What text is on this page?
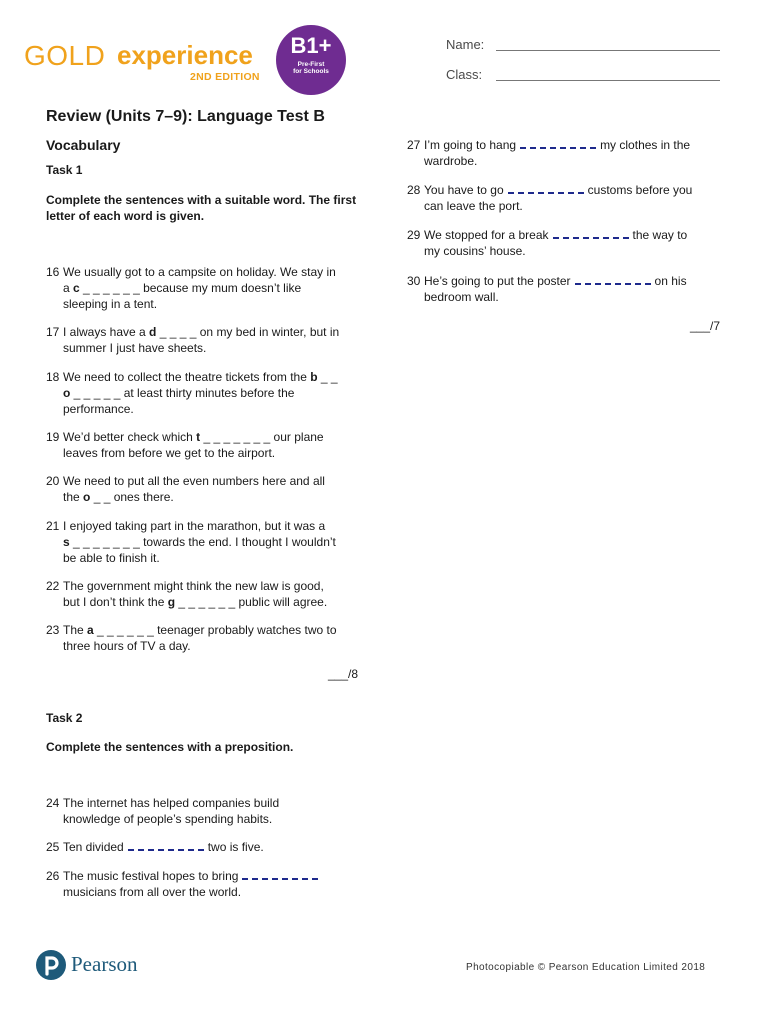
GOLD experience
2ND EDITION
B1+
Pre-First
for Schools
Name:
Class:
Review (Units 7–9): Language Test B
Vocabulary
Task 1
Complete the sentences with a suitable word. The first letter of each word is given.
16 We usually got to a campsite on holiday. We stay in
a c _ _ _ _ _ _ because my mum doesn’t like
sleeping in a tent.
17 I always have a d _ _ _ _ on my bed in winter, but in
summer I just have sheets.
18 We need to collect the theatre tickets from the b _ _
o _ _ _ _ _ at least thirty minutes before the
performance.
19 We’d better check which t _ _ _ _ _ _ _ our plane
leaves from before we get to the airport.
20 We need to put all the even numbers here and all
the o _ _ ones there.
21 I enjoyed taking part in the marathon, but it was a
s _ _ _ _ _ _ _ towards the end. I thought I wouldn’t
be able to finish it.
22 The government might think the new law is good,
but I don’t think the g _ _ _ _ _ _ public will agree.
23 The a _ _ _ _ _ _ teenager probably watches two to
three hours of TV a day.
___/8
Task 2
Complete the sentences with a preposition.
24 The internet has helped companies build
knowledge of people’s spending habits.
25 Ten divided	two is five.
26 The music festival hopes to bring
musicians from all over the world.
27 I’m going to hang	my clothes in the
wardrobe.
28 You have to go	customs before you
can leave the port.
29 We stopped for a break	the way to
my cousins’ house.
30 He’s going to put the poster	on his
bedroom wall.
___/7
Pearson	Photocopiable © Pearson Education Limited 2018
